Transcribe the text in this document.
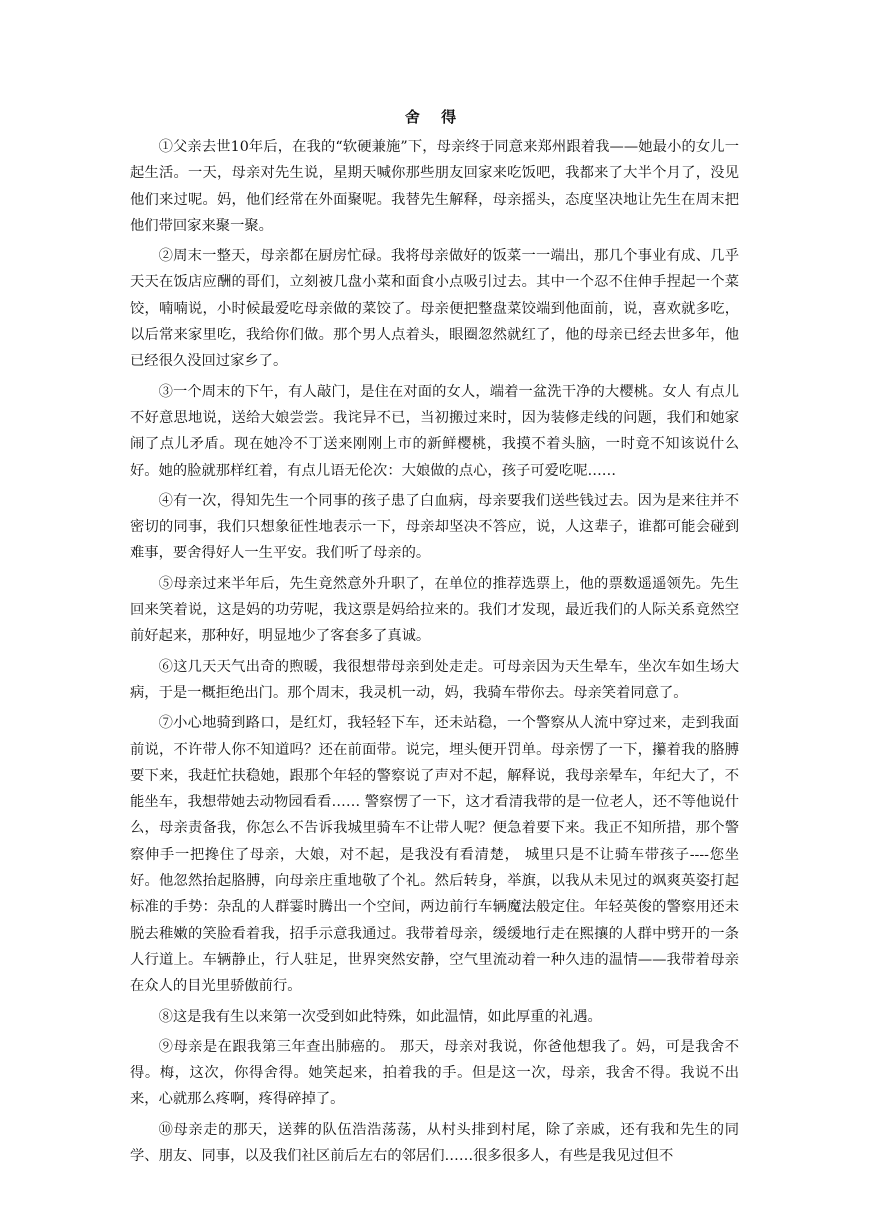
舍 得

①父亲去世10年后，在我的“软硬兼施”下，母亲终于同意来郑州跟着我——她最小的女儿一起生活。一天，母亲对先生说，星期天喊你那些朋友回家来吃饭吧，我都来了大半个月了，没见他们来过呢。妈，他们经常在外面聚呢。我替先生解释，母亲摇头，态度坚决地让先生在周末把他们带回家来聚一聚。

②周末一整天，母亲都在厨房忙碌。我将母亲做好的饭菜一一端出，那几个事业有成、几乎天天在饭店应酬的哥们，立刻被几盘小菜和面食小点吸引过去。其中一个忍不住伸手捏起一个菜饺，喃喃说，小时候最爱吃母亲做的菜饺了。母亲便把整盘菜饺端到他面前，说，喜欢就多吃，以后常来家里吃，我给你们做。那个男人点着头，眼圈忽然就红了，他的母亲已经去世多年，他已经很久没回过家乡了。

③一个周末的下午，有人敲门，是住在对面的女人，端着一盆洗干净的大樱桃。女人 有点儿不好意思地说，送给大娘尝尝。我诧异不已，当初搬过来时，因为装修走线的问题，我们和她家闹了点儿矛盾。现在她冷不丁送来刚刚上市的新鲜樱桃，我摸不着头脑，一时竟不知该说什么好。她的脸就那样红着，有点儿语无伦次：大娘做的点心，孩子可爱吃呢……

④有一次，得知先生一个同事的孩子患了白血病，母亲要我们送些钱过去。因为是来往并不密切的同事，我们只想象征性地表示一下，母亲却坚决不答应，说，人这辈子，谁都可能会碰到难事，要舍得好人一生平安。我们听了母亲的。

⑤母亲过来半年后，先生竟然意外升职了，在单位的推荐选票上，他的票数遥遥领先。先生回来笑着说，这是妈的功劳呢，我这票是妈给拉来的。我们才发现，最近我们的人际关系竟然空前好起来，那种好，明显地少了客套多了真诚。

⑥这几天天气出奇的煦暖，我很想带母亲到处走走。可母亲因为天生晕车，坐次车如生场大病，于是一概拒绝出门。那个周末，我灵机一动，妈，我骑车带你去。母亲笑着同意了。

⑦小心地骑到路口，是红灯，我轻轻下车，还未站稳，一个警察从人流中穿过来，走到我面前说，不许带人你不知道吗？还在前面带。说完，埋头便开罚单。母亲愣了一下，攥着我的胳膊要下来，我赶忙扶稳她，跟那个年轻的警察说了声对不起，解释说，我母亲晕车，年纪大了，不能坐车，我想带她去动物园看看…… 警察愣了一下，这才看清我带的是一位老人，还不等他说什么，母亲责备我，你怎么不告诉我城里骑车不让带人呢？便急着要下来。我正不知所措，那个警察伸手一把搀住了母亲，大娘，对不起，是我没有看清楚， 城里只是不让骑车带孩子----您坐好。他忽然抬起胳膊，向母亲庄重地敬了个礼。然后转身，举旗，以我从未见过的飒爽英姿打起标准的手势：杂乱的人群霎时腾出一个空间，两边前行车辆魔法般定住。年轻英俊的警察用还未脱去稚嫩的笑脸看着我，招手示意我通过。我带着母亲，缓缓地行走在熙攘的人群中劈开的一条人行道上。车辆静止，行人驻足，世界突然安静，空气里流动着一种久违的温情——我带着母亲在众人的目光里骄傲前行。

⑧这是我有生以来第一次受到如此特殊，如此温情，如此厚重的礼遇。

⑨母亲是在跟我第三年查出肺癌的。 那天，母亲对我说，你爸他想我了。妈，可是我舍不得。梅，这次，你得舍得。她笑起来，拍着我的手。但是这一次，母亲，我舍不得。我说不出来，心就那么疼啊，疼得碎掉了。

⑩母亲走的那天，送葬的队伍浩浩荡荡，从村头排到村尾，除了亲戚，还有我和先生的同学、朋友、同事，以及我们社区前后左右的邻居们……很多很多人，有些是我见过但不
